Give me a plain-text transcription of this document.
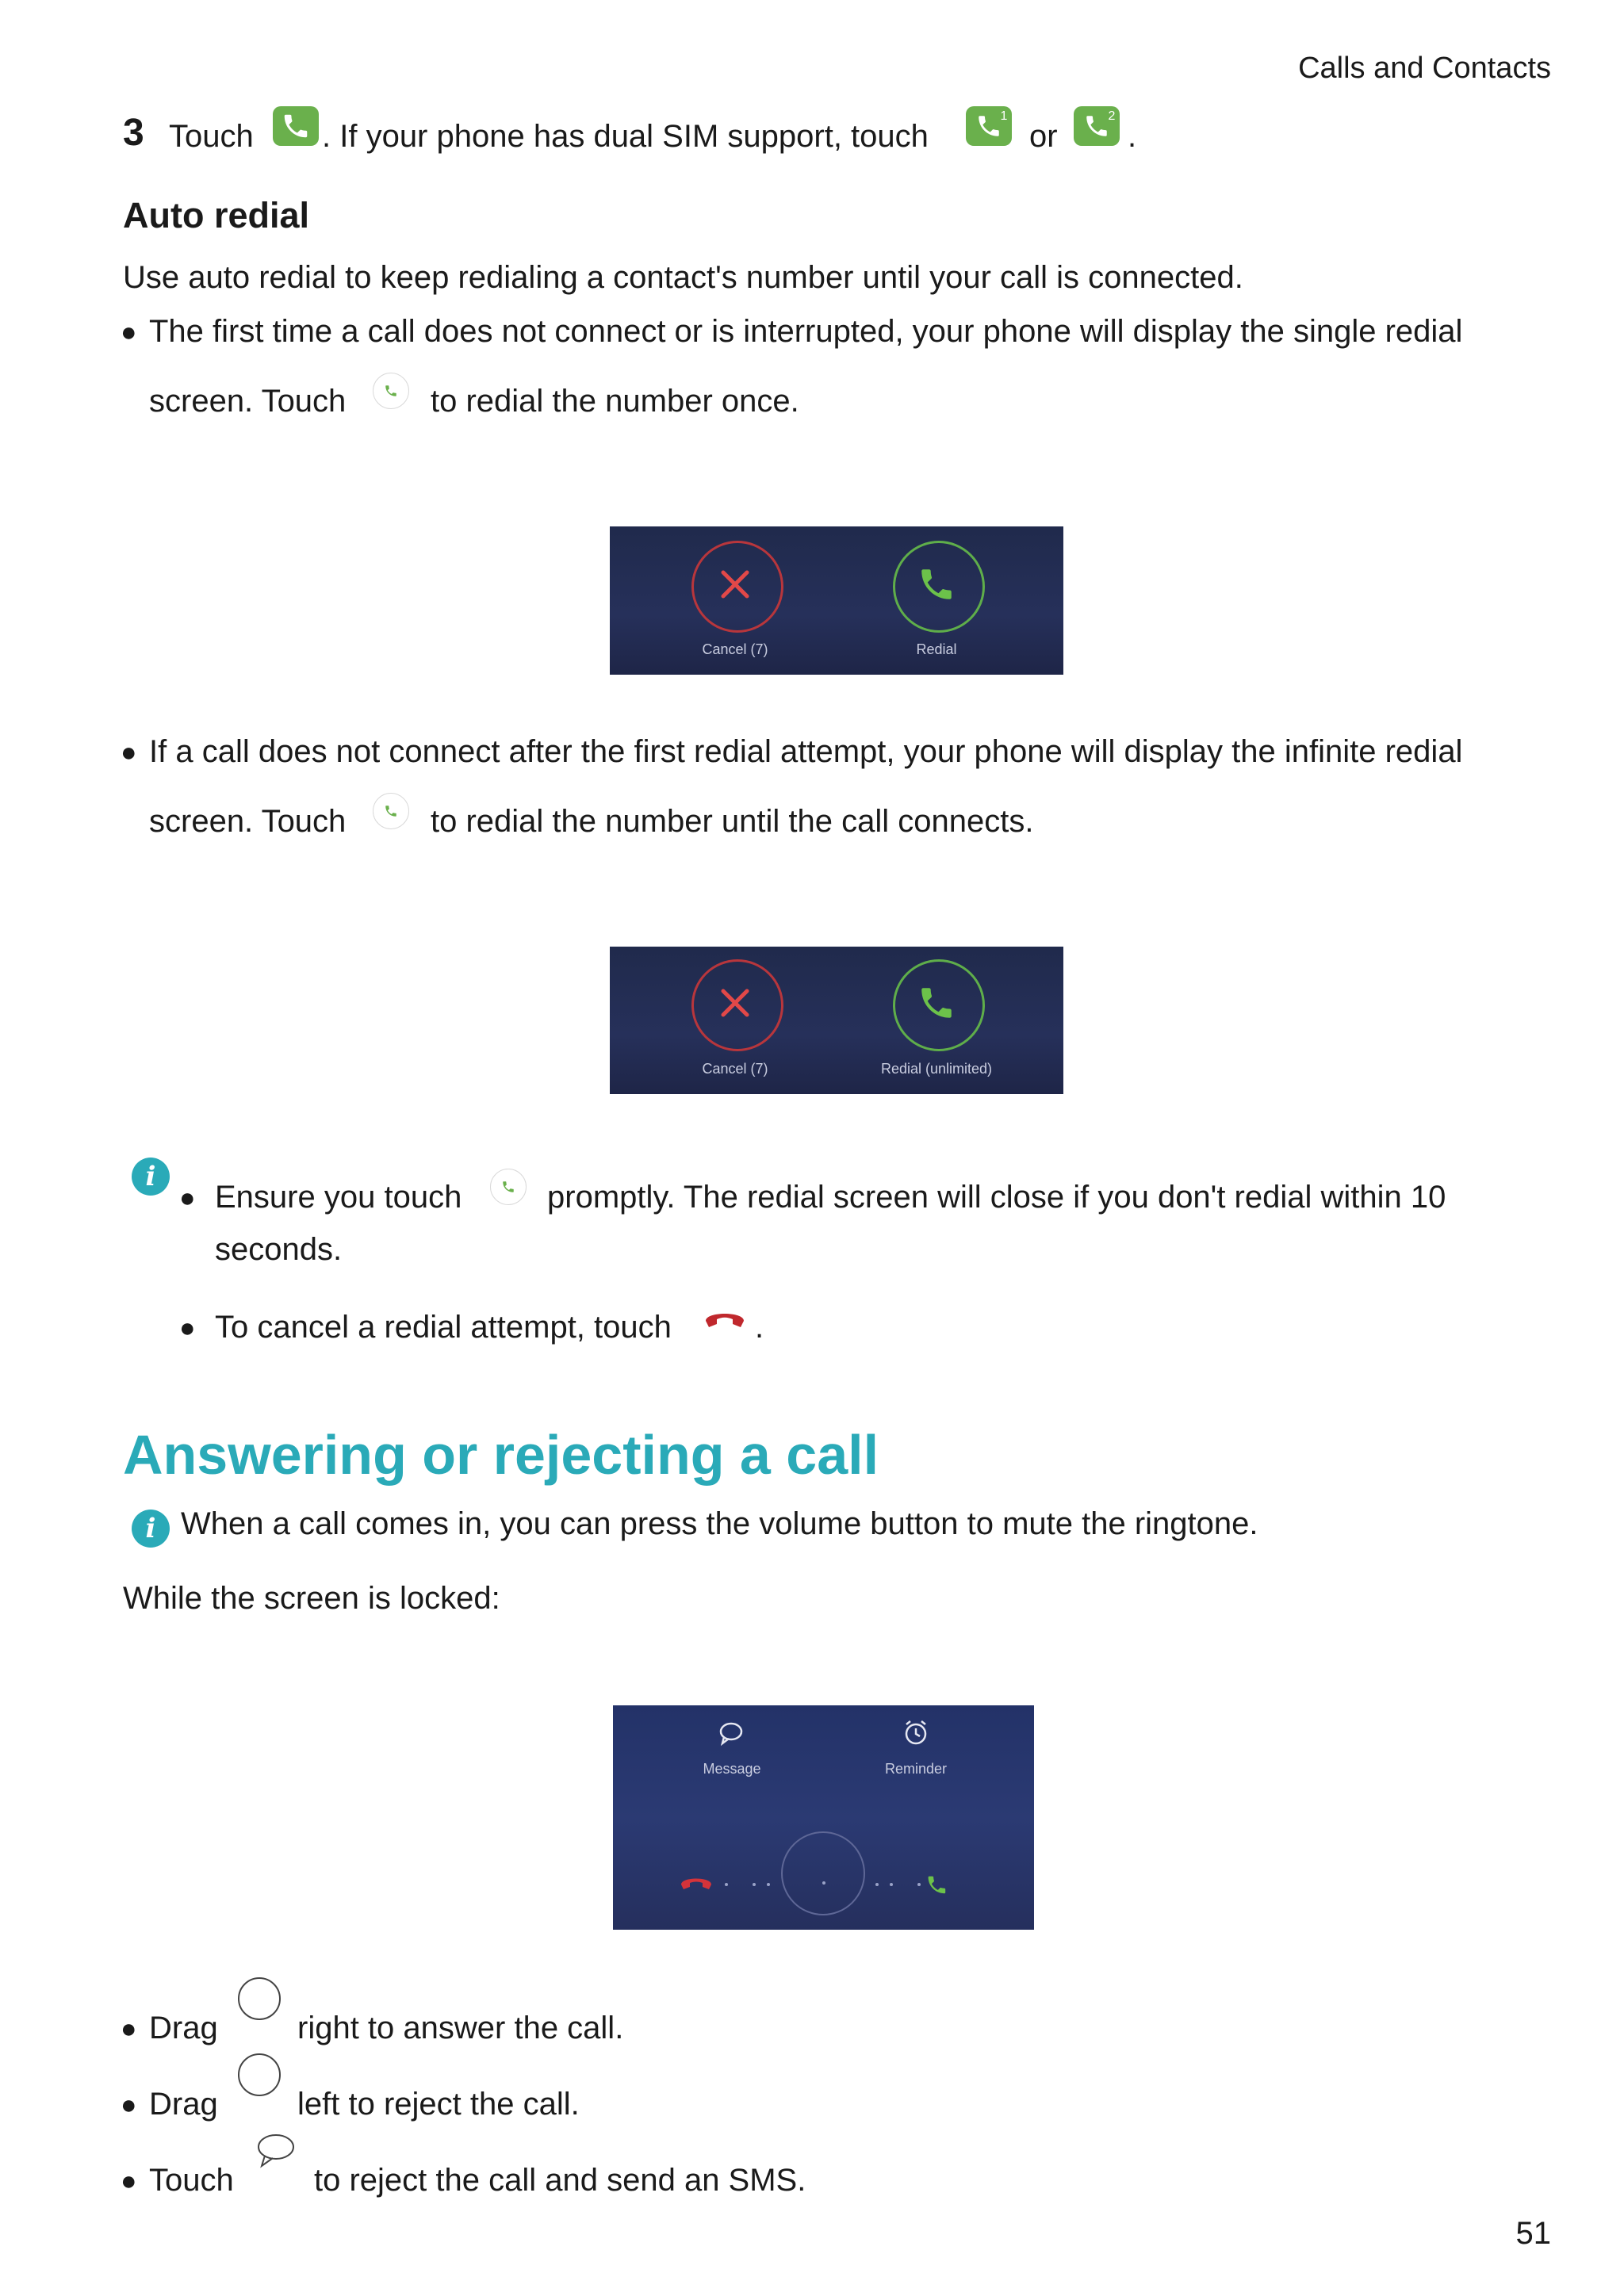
Calls and Contacts
3 Touch . If your phone has dual SIM support, touch
1
or
2
.
Auto redial
Use auto redial to keep redialing a contact's number until your call is connected.
● The first time a call does not connect or is interrupted, your phone will display the single redial
screen. Touch	to redial the number once.
Cancel (7)	Redial
● If a call does not connect after the first redial attempt, your phone will display the infinite redial
screen. Touch	to redial the number until the call connects.
Cancel (7)	Redial (unlimited)
i
● Ensure you touch	promptly. The redial screen will close if you don't redial within 10
seconds.
● To cancel a redial attempt, touch	.
Answering or rejecting a call
i When a call comes in, you can press the volume button to mute the ringtone.
While the screen is locked:
Message	Reminder
● Drag	right to answer the call.
● Drag	left to reject the call.
● Touch	to reject the call and send an SMS.
51
